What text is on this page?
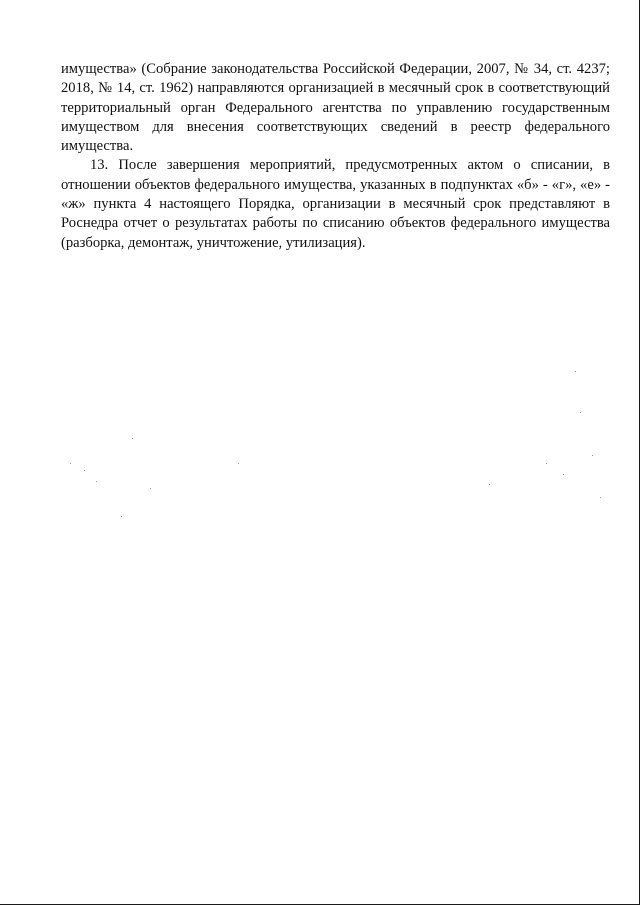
имущества» (Собрание законодательства Российской Федерации, 2007, № 34, ст. 4237; 2018, № 14, ст. 1962) направляются организацией в месячный срок в соответствующий территориальный орган Федерального агентства по управлению государственным имуществом для внесения соответствующих сведений в реестр федерального имущества.

13. После завершения мероприятий, предусмотренных актом о списании, в отношении объектов федерального имущества, указанных в подпунктах «б» - «г», «е» - «ж» пункта 4 настоящего Порядка, организации в месячный срок представляют в Роснедра отчет о результатах работы по списанию объектов федерального имущества (разборка, демонтаж, уничтожение, утилизация).
